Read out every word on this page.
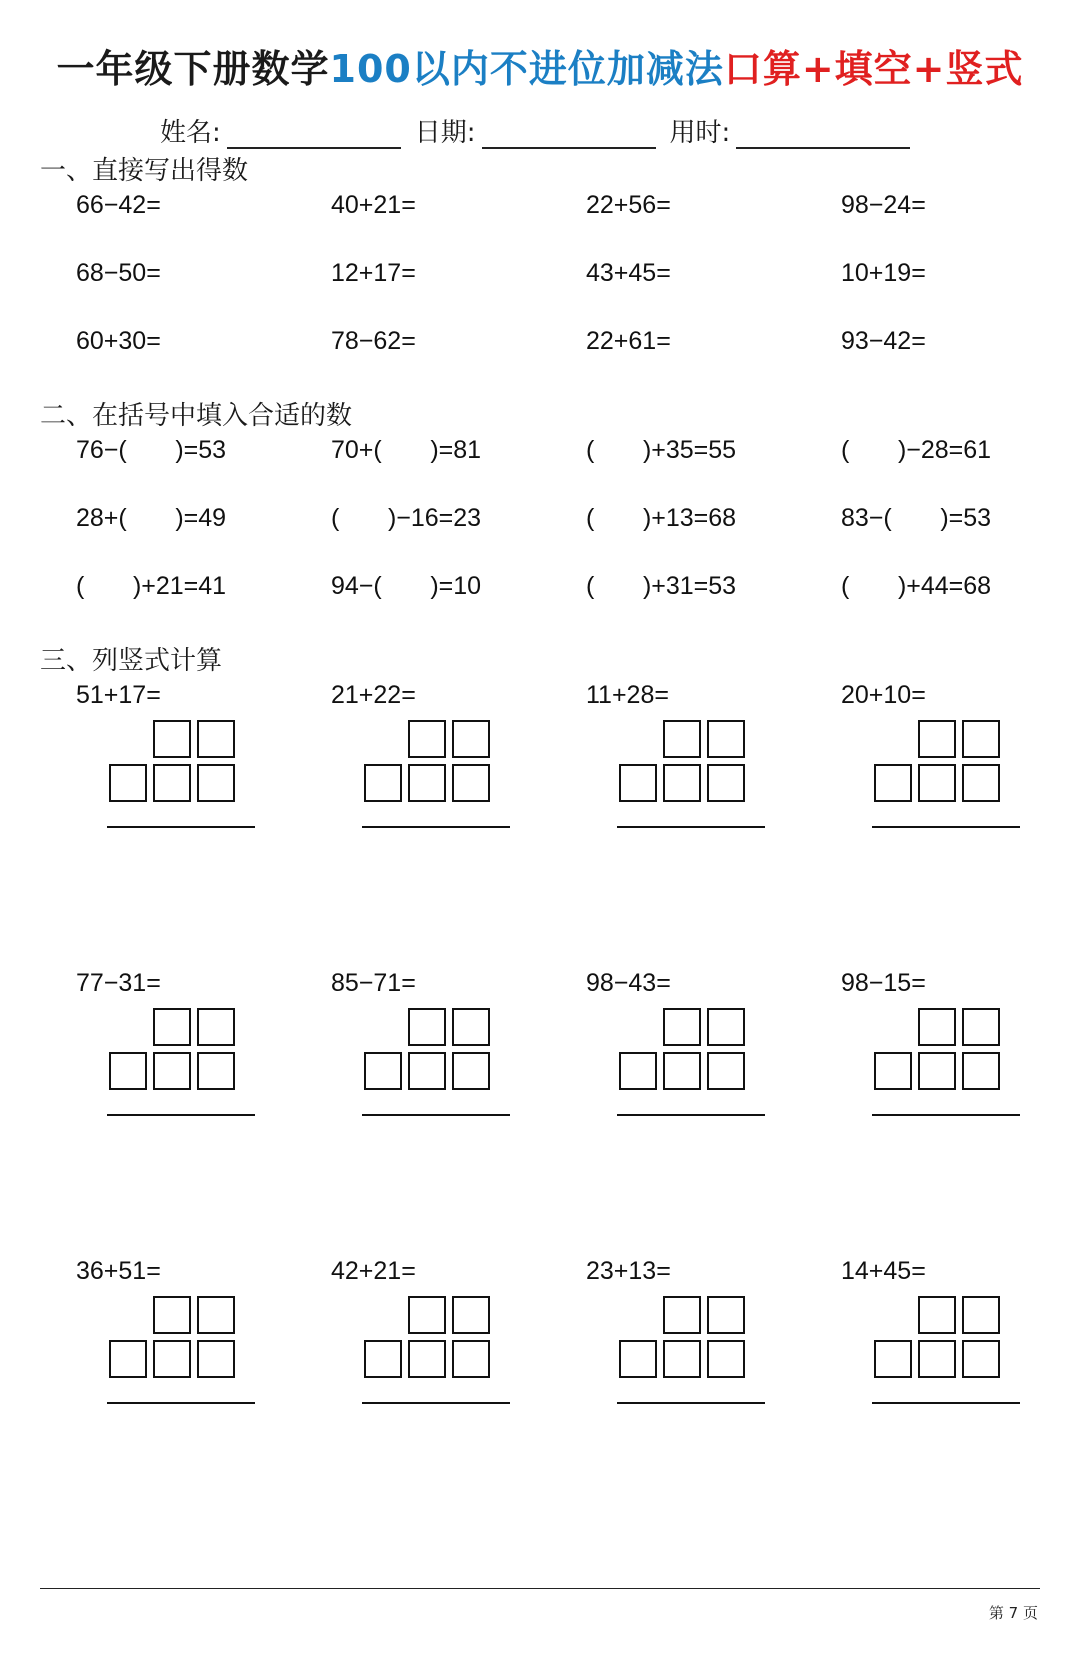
一年级下册数学100以内不进位加减法口算+填空+竖式
姓名:	日期:	用时:
一、直接写出得数
二、在括号中填入合适的数
三、列竖式计算
66−42=	40+21=	22+56=	98−24=
68−50=	12+17=	43+45=	10+19=
60+30=	78−62=	22+61=	93−42=
76−(       )=53	70+(       )=81	(       )+35=55	(       )−28=61
28+(       )=49	(       )−16=23	(       )+13=68	83−(       )=53
(       )+21=41	94−(       )=10	(       )+31=53	(       )+44=68
51+17=	21+22=	11+28=	20+10=
77−31=	85−71=	98−43=	98−15=
36+51=	42+21=	23+13=	14+45=
第 7 页
